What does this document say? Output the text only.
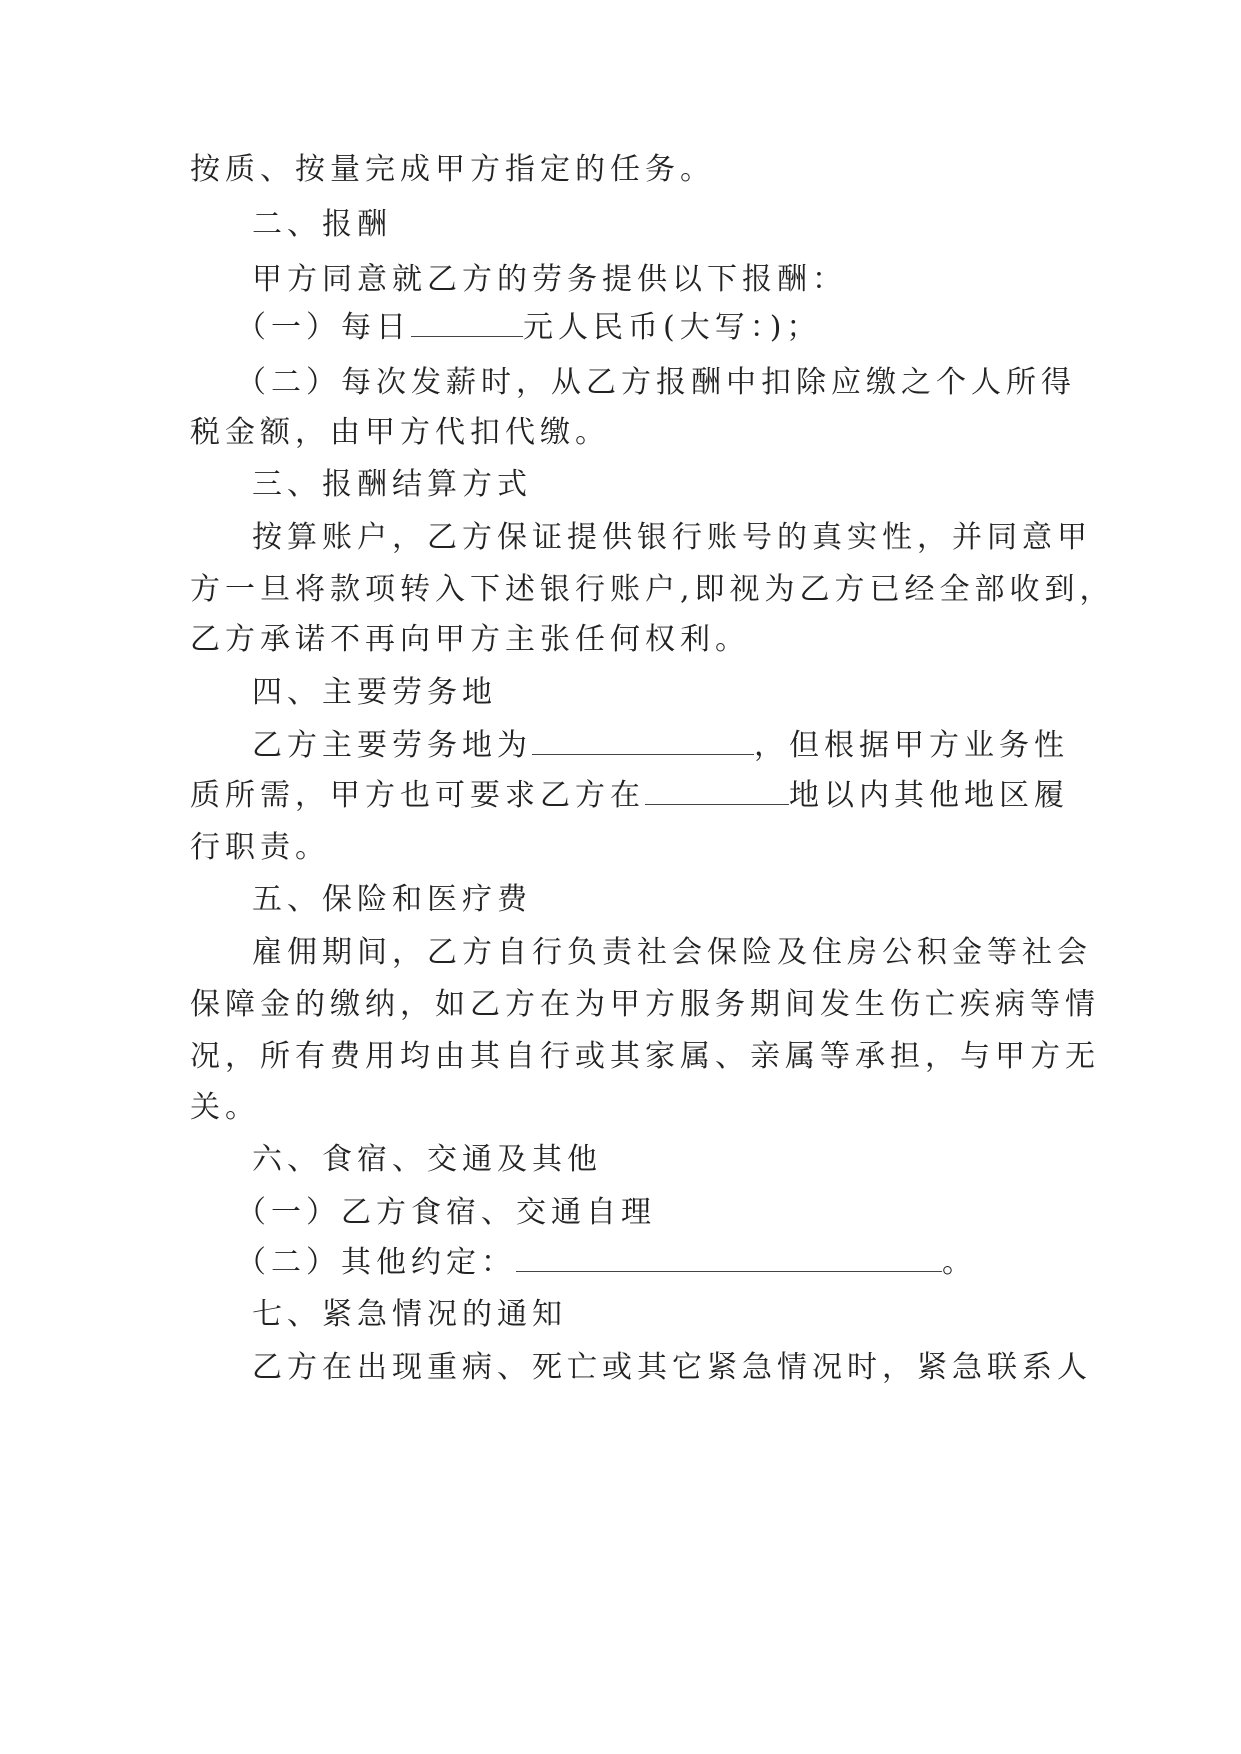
按质、按量完成甲方指定的任务。
二、报酬
甲方同意就乙方的劳务提供以下报酬：
（一）每日	元人民币(大写：)；
（二）每次发薪时，从乙方报酬中扣除应缴之个人所得
税金额，由甲方代扣代缴。
三、报酬结算方式
按算账户，乙方保证提供银行账号的真实性，并同意甲
方一旦将款项转入下述银行账户,即视为乙方已经全部收到，
乙方承诺不再向甲方主张任何权利。
四、主要劳务地
乙方主要劳务地为	，但根据甲方业务性
质所需，甲方也可要求乙方在	地以内其他地区履
行职责。
五、保险和医疗费
雇佣期间，乙方自行负责社会保险及住房公积金等社会
保障金的缴纳，如乙方在为甲方服务期间发生伤亡疾病等情
况，所有费用均由其自行或其家属、亲属等承担，与甲方无
关。
六、食宿、交通及其他
（一）乙方食宿、交通自理
（二）其他约定：	。
七、紧急情况的通知
乙方在出现重病、死亡或其它紧急情况时，紧急联系人
